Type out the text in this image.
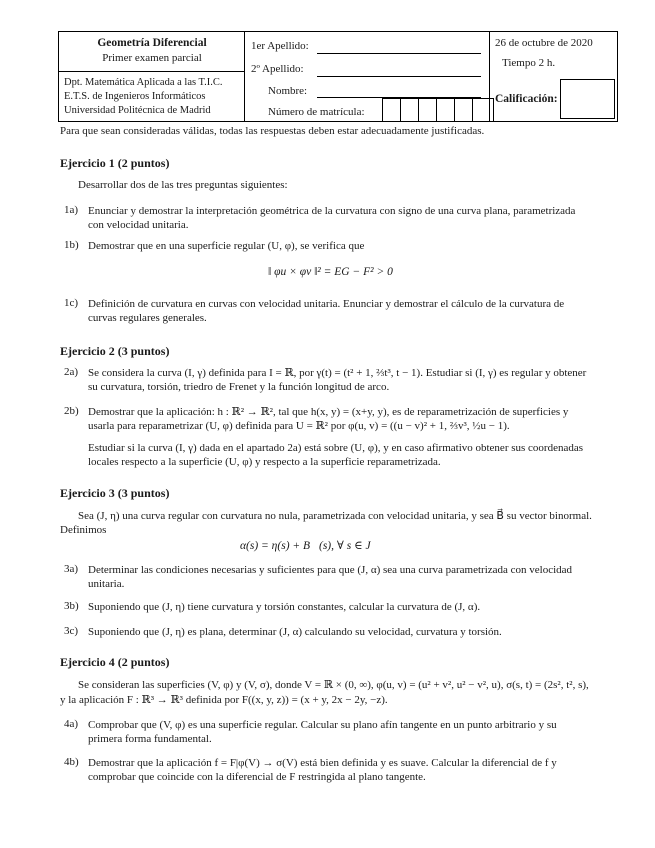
Geometría Diferencial
Primer examen parcial
Dpt. Matemática Aplicada a las T.I.C.
E.T.S. de Ingenieros Informáticos
Universidad Politécnica de Madrid
1er Apellido:
2º Apellido:
Nombre:
Número de matrícula:
26 de octubre de 2020
Tiempo 2 h.
Calificación:
Para que sean consideradas válidas, todas las respuestas deben estar adecuadamente justificadas.
Ejercicio 1 (2 puntos)
Desarrollar dos de las tres preguntas siguientes:
1a) Enunciar y demostrar la interpretación geométrica de la curvatura con signo de una curva plana, parametrizada con velocidad unitaria.
1b) Demostrar que en una superficie regular (U, φ), se verifica que
‖ φu × φv ‖² = EG − F² > 0
1c) Definición de curvatura en curvas con velocidad unitaria. Enunciar y demostrar el cálculo de la curvatura de curvas regulares generales.
Ejercicio 2 (3 puntos)
2a) Se considera la curva (I, γ) definida para I = ℝ, por γ(t) = (t² + 1, ⅔t³, t − 1). Estudiar si (I, γ) es regular y obtener su curvatura, torsión, triedro de Frenet y la función longitud de arco.
2b) Demostrar que la aplicación: h : ℝ² → ℝ², tal que h(x, y) = (x+y, y), es de reparametrización de superficies y usarla para reparametrizar (U, φ) definida para U = ℝ² por φ(u, v) = ((u − v)² + 1, ⅔v³, ½u − 1).
Estudiar si la curva (I, γ) dada en el apartado 2a) está sobre (U, φ), y en caso afirmativo obtener sus coordenadas locales respecto a la superficie (U, φ) y respecto a la superficie reparametrizada.
Ejercicio 3 (3 puntos)
Sea (J, η) una curva regular con curvatura no nula, parametrizada con velocidad unitaria, y sea B⃗ su vector binormal. Definimos
α(s) = η(s) + B⃗(s), ∀ s ∈ J
3a) Determinar las condiciones necesarias y suficientes para que (J, α) sea una curva parametrizada con velocidad unitaria.
3b) Suponiendo que (J, η) tiene curvatura y torsión constantes, calcular la curvatura de (J, α).
3c) Suponiendo que (J, η) es plana, determinar (J, α) calculando su velocidad, curvatura y torsión.
Ejercicio 4 (2 puntos)
Se consideran las superficies (V, φ) y (V, σ), donde V = ℝ × (0, ∞), φ(u, v) = (u² + v², u² − v², u), σ(s, t) = (2s², t², s), y la aplicación F : ℝ³ → ℝ³ definida por F((x, y, z)) = (x + y, 2x − 2y, −z).
4a) Comprobar que (V, φ) es una superficie regular. Calcular su plano afín tangente en un punto arbitrario y su primera forma fundamental.
4b) Demostrar que la aplicación f = F|φ(V) → σ(V) está bien definida y es suave. Calcular la diferencial de f y comprobar que coincide con la diferencial de F restringida al plano tangente.
